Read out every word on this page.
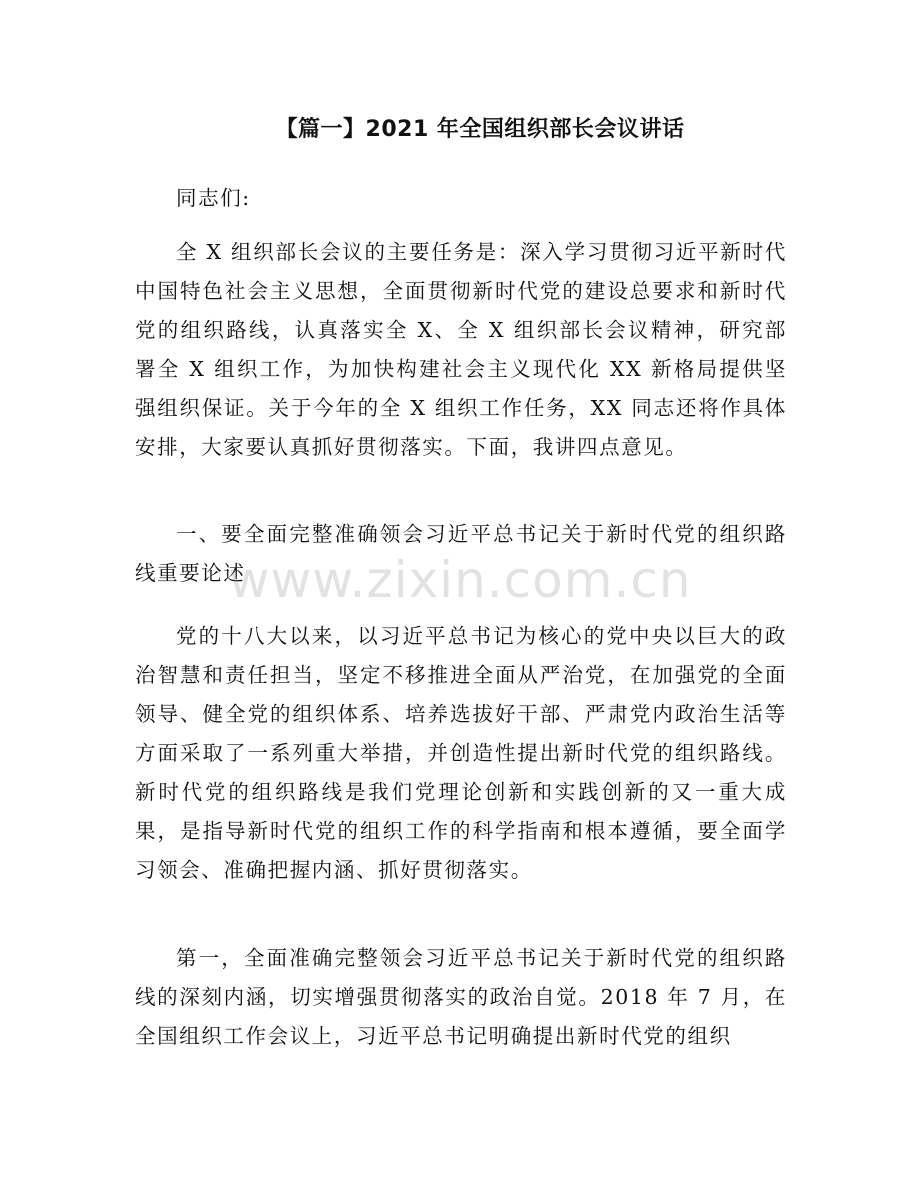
【篇一】2021 年全国组织部长会议讲话

同志们:

全 X 组织部长会议的主要任务是：深入学习贯彻习近平新时代中国特色社会主义思想，全面贯彻新时代党的建设总要求和新时代党的组织路线，认真落实全 X、全 X 组织部长会议精神，研究部署全 X 组织工作，为加快构建社会主义现代化 XX 新格局提供坚强组织保证。关于今年的全 X 组织工作任务，XX 同志还将作具体安排，大家要认真抓好贯彻落实。下面，我讲四点意见。

一、要全面完整准确领会习近平总书记关于新时代党的组织路线重要论述

党的十八大以来，以习近平总书记为核心的党中央以巨大的政治智慧和责任担当，坚定不移推进全面从严治党，在加强党的全面领导、健全党的组织体系、培养选拔好干部、严肃党内政治生活等方面采取了一系列重大举措，并创造性提出新时代党的组织路线。新时代党的组织路线是我们党理论创新和实践创新的又一重大成果，是指导新时代党的组织工作的科学指南和根本遵循，要全面学习领会、准确把握内涵、抓好贯彻落实。

第一，全面准确完整领会习近平总书记关于新时代党的组织路线的深刻内涵，切实增强贯彻落实的政治自觉。2018 年 7 月，在全国组织工作会议上，习近平总书记明确提出新时代党的组织

www.zixin.com.cn
